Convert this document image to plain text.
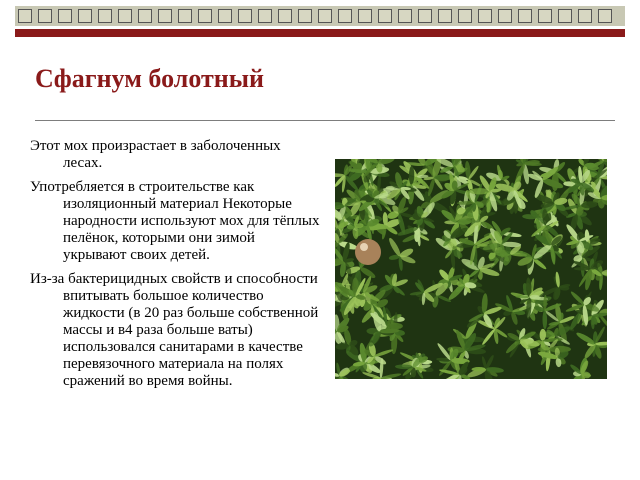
Сфагнум болотный

Этот мох произрастает в заболоченных лесах.

Употребляется в строительстве как изоляционный материал Некоторые народности используют мох для тёплых пелёнок, которыми они зимой укрывают своих детей.

Из-за бактерицидных свойств и способности впитывать большое количество жидкости (в 20 раз больше собственной массы и в4 раза больше ваты) использовался санитарами в качестве перевязочного материала на полях сражений во время войны.
